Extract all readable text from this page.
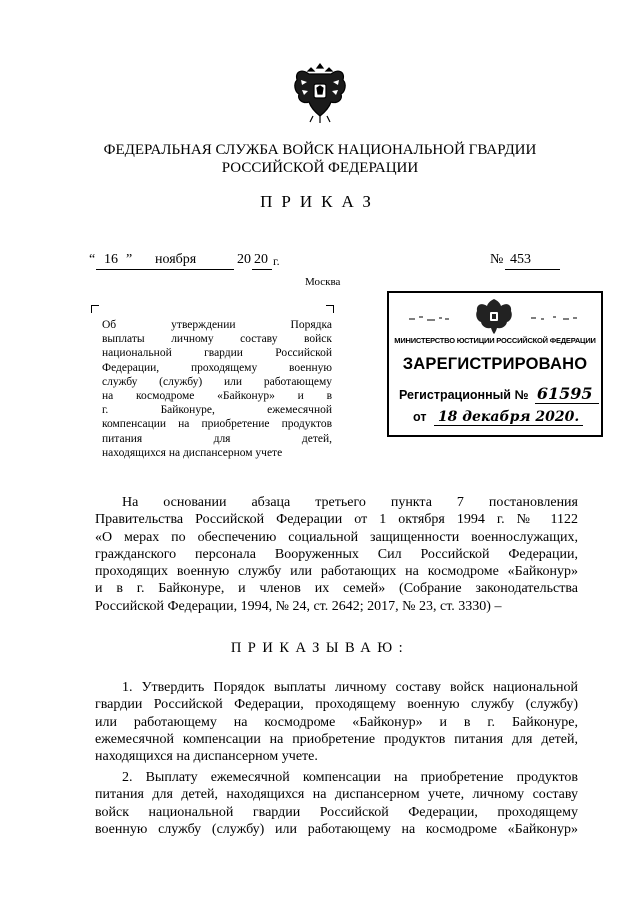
ФЕДЕРАЛЬНАЯ СЛУЖБА ВОЙСК НАЦИОНАЛЬНОЙ ГВАРДИИ
РОССИЙСКОЙ ФЕДЕРАЦИИ
ПРИКАЗ
“ 16 ” ноября	20 20 г.	№ 453
Москва
Об утверждении Порядка
выплаты личному составу войск
национальной гвардии Российской
Федерации, проходящему военную
службу (службу) или работающему
на космодроме «Байконур» и в
г. Байконуре, ежемесячной
компенсации на приобретение продуктов
питания для детей,
находящихся на диспансерном учете
МИНИСТЕРСТВО ЮСТИЦИИ РОССИЙСКОЙ ФЕДЕРАЦИИ
ЗАРЕГИСТРИРОВАНО
Регистрационный № 61595
от 18 декабря 2020.
На основании абзаца третьего пункта 7 постановления
Правительства Российской Федерации от 1 октября 1994 г. № 1122
«О мерах по обеспечению социальной защищенности военнослужащих,
гражданского персонала Вооруженных Сил Российской Федерации,
проходящих военную службу или работающих на космодроме «Байконур»
и в г. Байконуре, и членов их семей» (Собрание законодательства
Российской Федерации, 1994, № 24, ст. 2642; 2017, № 23, ст. 3330) –
ПРИКАЗЫВАЮ:
1. Утвердить Порядок выплаты личному составу войск национальной
гвардии Российской Федерации, проходящему военную службу (службу)
или работающему на космодроме «Байконур» и в г. Байконуре,
ежемесячной компенсации на приобретение продуктов питания для детей,
находящихся на диспансерном учете.
2. Выплату ежемесячной компенсации на приобретение продуктов
питания для детей, находящихся на диспансерном учете, личному составу
войск национальной гвардии Российской Федерации, проходящему
военную службу (службу) или работающему на космодроме «Байконур»
